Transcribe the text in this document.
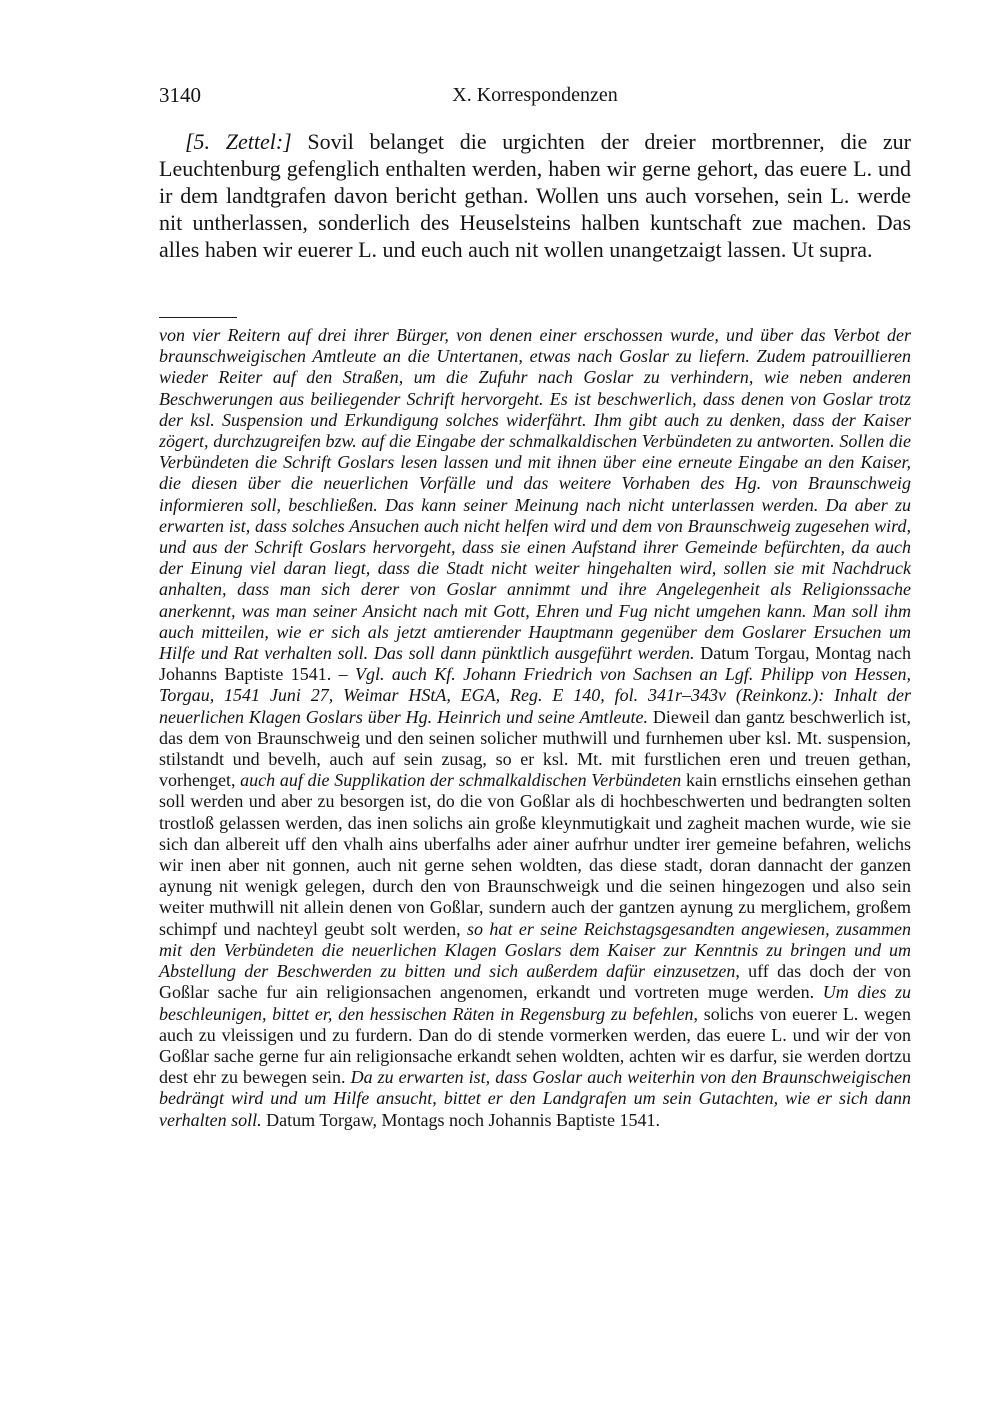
3140	X. Korrespondenzen

[5. Zettel:] Sovil belanget die urgichten der dreier mortbrenner, die zur Leuchtenburg gefenglich enthalten werden, haben wir gerne gehort, das euere L. und ir dem landtgrafen davon bericht gethan. Wollen uns auch vorsehen, sein L. werde nit untherlassen, sonderlich des Heuselsteins halben kuntschaft zue machen. Das alles haben wir euerer L. und euch auch nit wollen unangetzaigt lassen. Ut supra.

von vier Reitern auf drei ihrer Bürger, von denen einer erschossen wurde, und über das Verbot der braunschweigischen Amtleute an die Untertanen, etwas nach Goslar zu liefern. Zudem patrouillieren wieder Reiter auf den Straßen, um die Zufuhr nach Goslar zu verhindern, wie neben anderen Beschwerungen aus beiliegender Schrift hervorgeht. Es ist beschwerlich, dass denen von Goslar trotz der ksl. Suspension und Erkundigung solches widerfährt. Ihm gibt auch zu denken, dass der Kaiser zögert, durchzugreifen bzw. auf die Eingabe der schmalkaldischen Verbündeten zu antworten. Sollen die Verbündeten die Schrift Goslars lesen lassen und mit ihnen über eine erneute Eingabe an den Kaiser, die diesen über die neuerlichen Vorfälle und das weitere Vorhaben des Hg. von Braunschweig informieren soll, beschließen. Das kann seiner Meinung nach nicht unterlassen werden. Da aber zu erwarten ist, dass solches Ansuchen auch nicht helfen wird und dem von Braunschweig zugesehen wird, und aus der Schrift Goslars hervorgeht, dass sie einen Aufstand ihrer Gemeinde befürchten, da auch der Einung viel daran liegt, dass die Stadt nicht weiter hingehalten wird, sollen sie mit Nachdruck anhalten, dass man sich derer von Goslar annimmt und ihre Angelegenheit als Religionssache anerkennt, was man seiner Ansicht nach mit Gott, Ehren und Fug nicht umgehen kann. Man soll ihm auch mitteilen, wie er sich als jetzt amtierender Hauptmann gegenüber dem Goslarer Ersuchen um Hilfe und Rat verhalten soll. Das soll dann pünktlich ausgeführt werden. Datum Torgau, Montag nach Johanns Baptiste 1541. – Vgl. auch Kf. Johann Friedrich von Sachsen an Lgf. Philipp von Hessen, Torgau, 1541 Juni 27, Weimar HStA, EGA, Reg. E 140, fol. 341r–343v (Reinkonz.): Inhalt der neuerlichen Klagen Goslars über Hg. Heinrich und seine Amtleute. Dieweil dan gantz beschwerlich ist, das dem von Braunschweig und den seinen solicher muthwill und furnhemen uber ksl. Mt. suspension, stilstandt und bevelh, auch auf sein zusag, so er ksl. Mt. mit furstlichen eren und treuen gethan, vorhenget, auch auf die Supplikation der schmalkaldischen Verbündeten kain ernstlichs einsehen gethan soll werden und aber zu besorgen ist, do die von Goßlar als di hochbeschwerten und bedrangten solten trostloß gelassen werden, das inen solichs ain große kleynmutigkait und zagheit machen wurde, wie sie sich dan albereit uff den vhalh ains uberfalhs ader ainer aufrhur undter irer gemeine befahren, welichs wir inen aber nit gonnen, auch nit gerne sehen woldten, das diese stadt, doran dannacht der ganzen aynung nit wenigk gelegen, durch den von Braunschweigk und die seinen hingezogen und also sein weiter muthwill nit allein denen von Goßlar, sundern auch der gantzen aynung zu merglichem, großem schimpf und nachteyl geubt solt werden, so hat er seine Reichstagsgesandten angewiesen, zusammen mit den Verbündeten die neuerlichen Klagen Goslars dem Kaiser zur Kenntnis zu bringen und um Abstellung der Beschwerden zu bitten und sich außerdem dafür einzusetzen, uff das doch der von Goßlar sache fur ain religionsachen angenomen, erkandt und vortreten muge werden. Um dies zu beschleunigen, bittet er, den hessischen Räten in Regensburg zu befehlen, solichs von euerer L. wegen auch zu vleissigen und zu furdern. Dan do di stende vormerken werden, das euere L. und wir der von Goßlar sache gerne fur ain religionsache erkandt sehen woldten, achten wir es darfur, sie werden dortzu dest ehr zu bewegen sein. Da zu erwarten ist, dass Goslar auch weiterhin von den Braunschweigischen bedrängt wird und um Hilfe ansucht, bittet er den Landgrafen um sein Gutachten, wie er sich dann verhalten soll. Datum Torgaw, Montags noch Johannis Baptiste 1541.
